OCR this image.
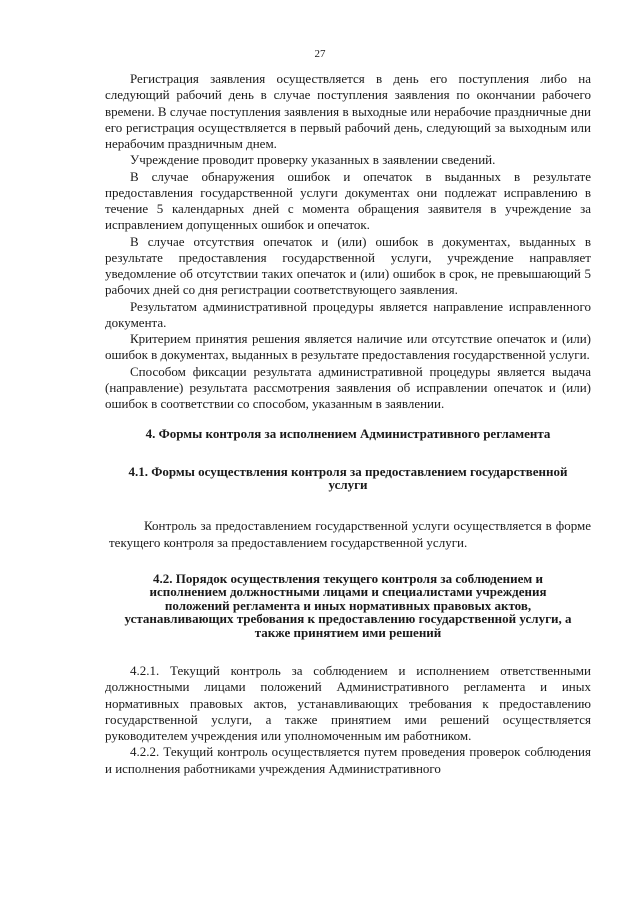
27

Регистрация заявления осуществляется в день его поступления либо на следующий рабочий день в случае поступления заявления по окончании рабочего времени. В случае поступления заявления в выходные или нерабочие праздничные дни его регистрация осуществляется в первый рабочий день, следующий за выходным или нерабочим праздничным днем.

Учреждение проводит проверку указанных в заявлении сведений.

В случае обнаружения ошибок и опечаток в выданных в результате предоставления государственной услуги документах они подлежат исправлению в течение 5 календарных дней с момента обращения заявителя в учреждение за исправлением допущенных ошибок и опечаток.

В случае отсутствия опечаток и (или) ошибок в документах, выданных в результате предоставления государственной услуги, учреждение направляет уведомление об отсутствии таких опечаток и (или) ошибок в срок, не превышающий 5 рабочих дней со дня регистрации соответствующего заявления.

Результатом административной процедуры является направление исправленного документа.

Критерием принятия решения является наличие или отсутствие опечаток и (или) ошибок в документах, выданных в результате предоставления государственной услуги.

Способом фиксации результата административной процедуры является выдача (направление) результата рассмотрения заявления об исправлении опечаток и (или) ошибок в соответствии со способом, указанным в заявлении.

4. Формы контроля за исполнением Административного регламента
4.1. Формы осуществления контроля за предоставлением государственной услуги

Контроль за предоставлением государственной услуги осуществляется в форме текущего контроля за предоставлением государственной услуги.

4.2. Порядок осуществления текущего контроля за соблюдением и исполнением должностными лицами и специалистами учреждения положений регламента и иных нормативных правовых актов, устанавливающих требования к предоставлению государственной услуги, а также принятием ими решений

4.2.1. Текущий контроль за соблюдением и исполнением ответственными должностными лицами положений Административного регламента и иных нормативных правовых актов, устанавливающих требования к предоставлению государственной услуги, а также принятием ими решений осуществляется руководителем учреждения или уполномоченным им работником.

4.2.2. Текущий контроль осуществляется путем проведения проверок соблюдения и исполнения работниками учреждения Административного
